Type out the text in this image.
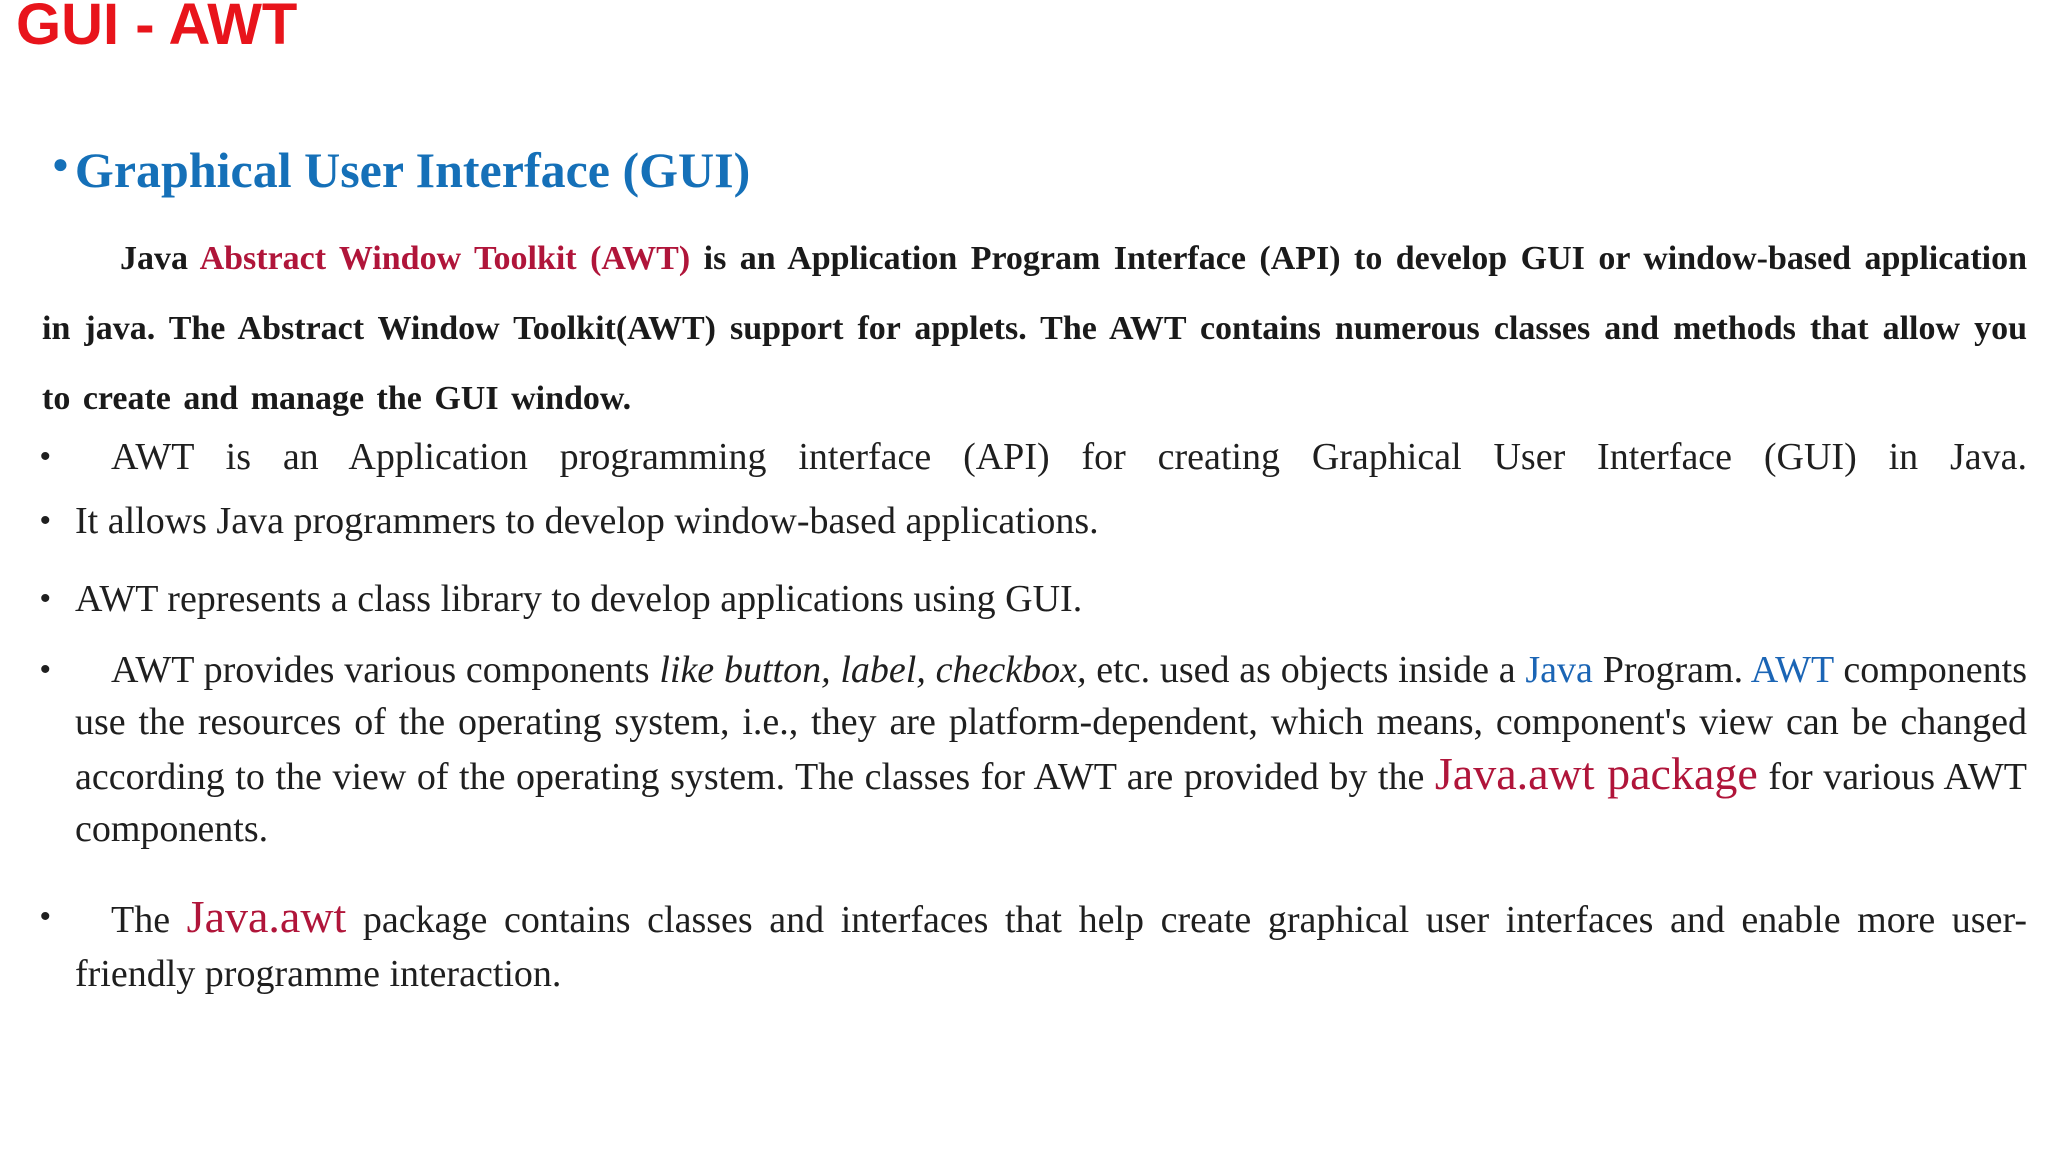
GUI - AWT
● Graphical User Interface (GUI)

Java Abstract Window Toolkit (AWT) is an Application Program Interface (API) to develop GUI or window-based application in java. The Abstract Window Toolkit(AWT) support for applets. The AWT contains numerous classes and methods that allow you to create and manage the GUI window.

•	AWT is an Application programming interface (API) for creating Graphical User Interface (GUI) in Java.
• It allows Java programmers to develop window-based applications.
• AWT represents a class library to develop applications using GUI.
•	AWT provides various components like button, label, checkbox, etc. used as objects inside a Java Program. AWT components use the resources of the operating system, i.e., they are platform-dependent, which means, component's view can be changed according to the view of the operating system. The classes for AWT are provided by the Java.awt package for various AWT components.
•	The Java.awt package contains classes and interfaces that help create graphical user interfaces and enable more user-friendly programme interaction.
